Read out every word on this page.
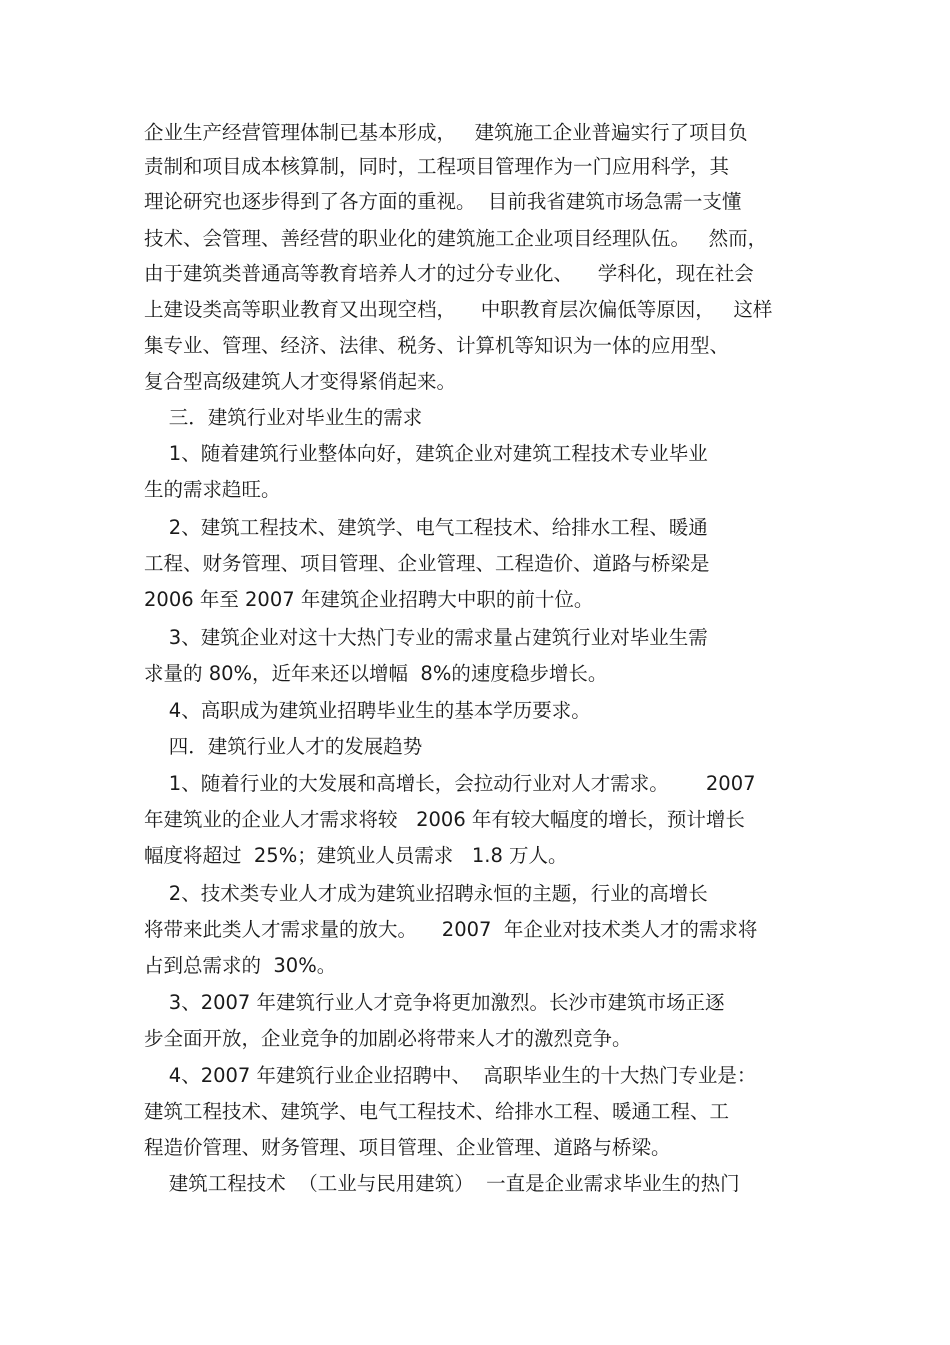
企业生产经营管理体制已基本形成，   建筑施工企业普遍实行了项目负
责制和项目成本核算制，同时，工程项目管理作为一门应用科学，其
理论研究也逐步得到了各方面的重视。  目前我省建筑市场急需一支懂
技术、会管理、善经营的职业化的建筑施工企业项目经理队伍。   然而，
由于建筑类普通高等教育培养人才的过分专业化、    学科化，现在社会
上建设类高等职业教育又出现空档，    中职教育层次偏低等原因，   这样
集专业、管理、经济、法律、税务、计算机等知识为一体的应用型、
复合型高级建筑人才变得紧俏起来。
三．建筑行业对毕业生的需求
1、随着建筑行业整体向好，建筑企业对建筑工程技术专业毕业
生的需求趋旺。
2、建筑工程技术、建筑学、电气工程技术、给排水工程、暖通
工程、财务管理、项目管理、企业管理、工程造价、道路与桥梁是
2006 年至 2007 年建筑企业招聘大中职的前十位。
3、建筑企业对这十大热门专业的需求量占建筑行业对毕业生需
求量的 80%，近年来还以增幅  8%的速度稳步增长。
4、高职成为建筑业招聘毕业生的基本学历要求。
四．建筑行业人才的发展趋势
1、随着行业的大发展和高增长，会拉动行业对人才需求。      2007
年建筑业的企业人才需求将较   2006 年有较大幅度的增长，预计增长
幅度将超过  25%；建筑业人员需求   1.8 万人。
2、技术类专业人才成为建筑业招聘永恒的主题，行业的高增长
将带来此类人才需求量的放大。    2007  年企业对技术类人才的需求将
占到总需求的  30%。
3、2007 年建筑行业人才竞争将更加激烈。长沙市建筑市场正逐
步全面开放，企业竞争的加剧必将带来人才的激烈竞争。
4、2007 年建筑行业企业招聘中、  高职毕业生的十大热门专业是：
建筑工程技术、建筑学、电气工程技术、给排水工程、暖通工程、工
程造价管理、财务管理、项目管理、企业管理、道路与桥梁。
建筑工程技术  （工业与民用建筑）  一直是企业需求毕业生的热门
